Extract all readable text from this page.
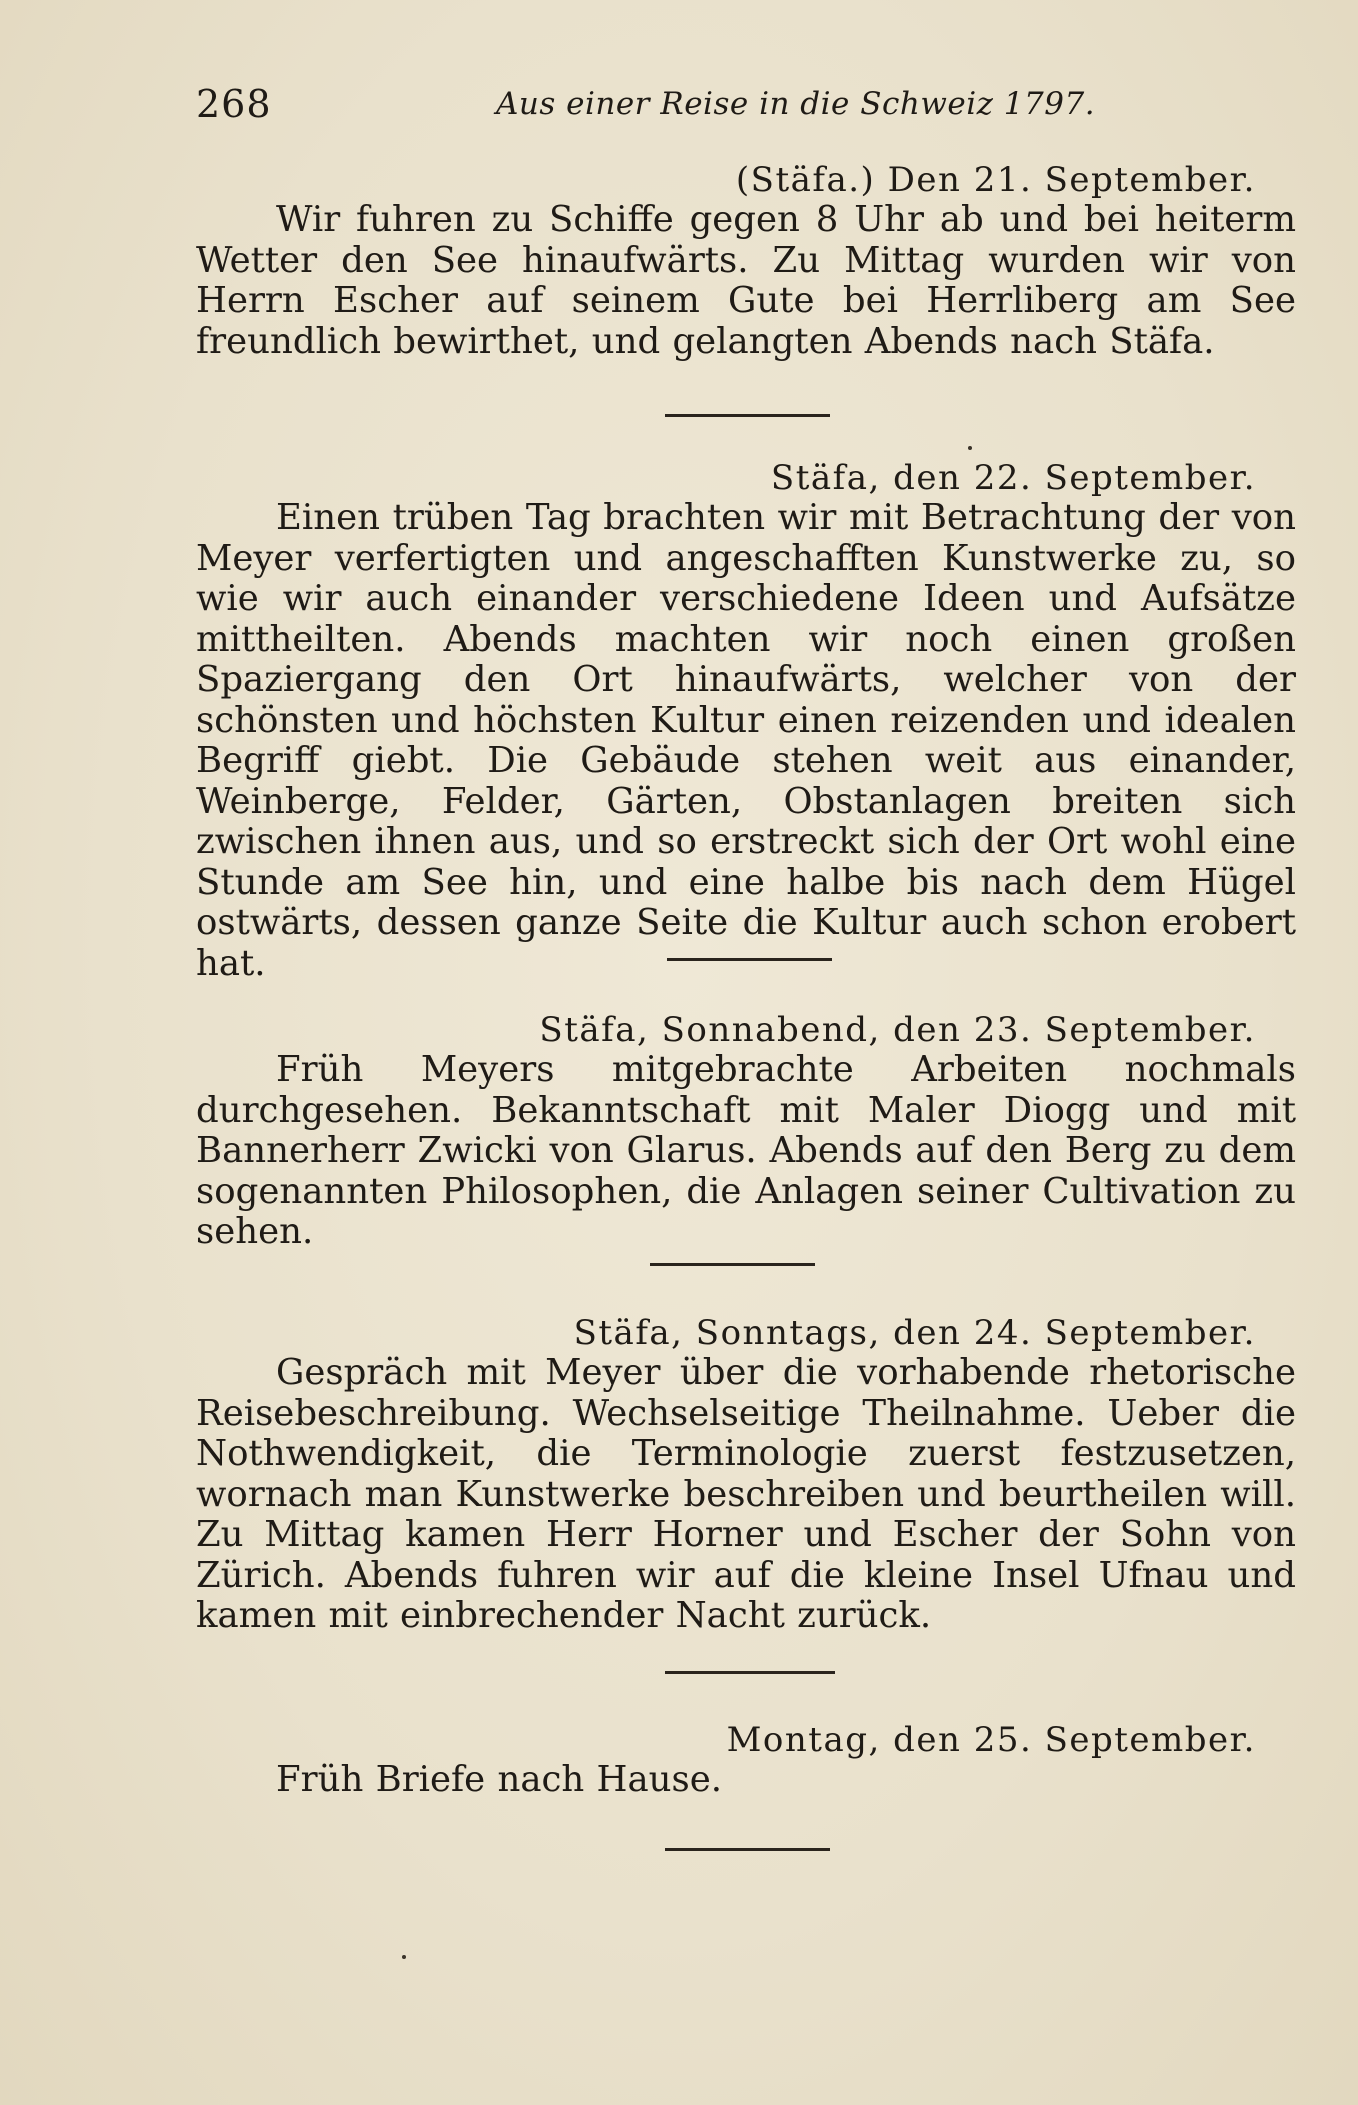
268	Aus einer Reise in die Schweiz 1797.
(Stäfa.) Den 21. September.

Wir fuhren zu Schiffe gegen 8 Uhr ab und bei heiterm Wetter den See hinaufwärts. Zu Mittag wurden wir von Herrn Escher auf seinem Gute bei Herrliberg am See freundlich bewirthet, und gelangten Abends nach Stäfa.

Stäfa, den 22. September.

Einen trüben Tag brachten wir mit Betrachtung der von Meyer verfertigten und angeschafften Kunstwerke zu, so wie wir auch einander verschiedene Ideen und Aufsätze mittheilten. Abends machten wir noch einen großen Spaziergang den Ort hinaufwärts, welcher von der schönsten und höchsten Kultur einen reizenden und idealen Begriff giebt. Die Gebäude stehen weit aus einander, Weinberge, Felder, Gärten, Obstanlagen breiten sich zwischen ihnen aus, und so erstreckt sich der Ort wohl eine Stunde am See hin, und eine halbe bis nach dem Hügel ostwärts, dessen ganze Seite die Kultur auch schon erobert hat.

Stäfa, Sonnabend, den 23. September.

Früh Meyers mitgebrachte Arbeiten nochmals durchgesehen. Bekanntschaft mit Maler Diogg und mit Bannerherr Zwicki von Glarus. Abends auf den Berg zu dem sogenannten Philosophen, die Anlagen seiner Cultivation zu sehen.

Stäfa, Sonntags, den 24. September.

Gespräch mit Meyer über die vorhabende rhetorische Reisebeschreibung. Wechselseitige Theilnahme. Ueber die Nothwendigkeit, die Terminologie zuerst festzusetzen, wornach man Kunstwerke beschreiben und beurtheilen will. Zu Mittag kamen Herr Horner und Escher der Sohn von Zürich. Abends fuhren wir auf die kleine Insel Ufnau und kamen mit einbrechender Nacht zurück.

Montag, den 25. September.

Früh Briefe nach Hause.
